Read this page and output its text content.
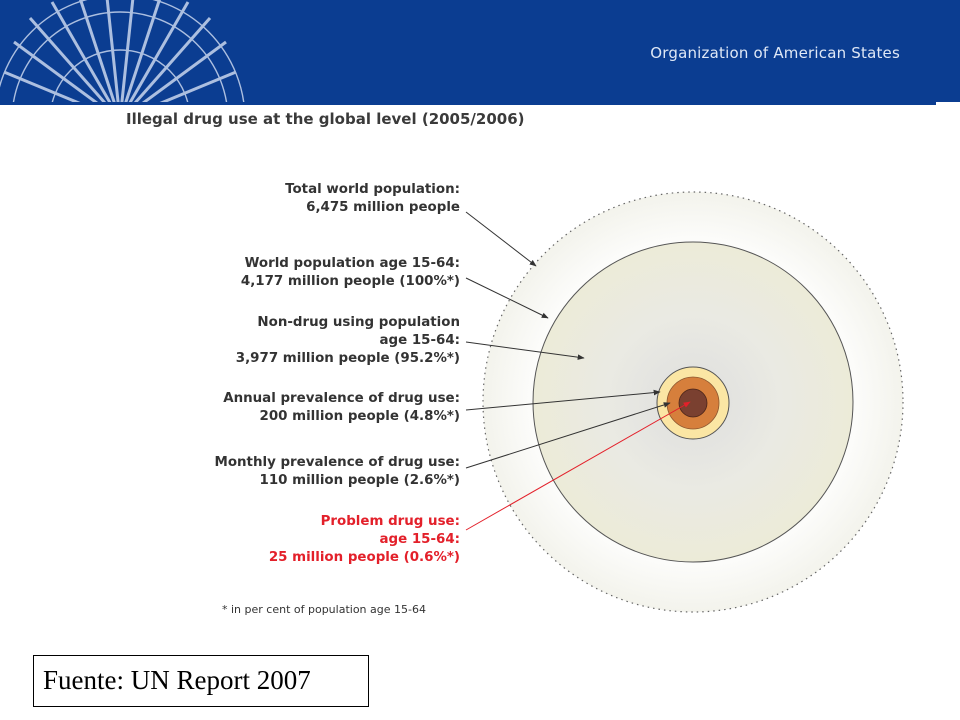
Organization of American States
Illegal drug use at the global level (2005/2006)
Total world population:
6,475 million people
World population age 15-64:
4,177 million people (100%*)
Non-drug using population
age 15-64:
3,977 million people (95.2%*)
Annual prevalence of drug use:
200 million people (4.8%*)
Monthly prevalence of drug use:
110 million people (2.6%*)
Problem drug use:
age 15-64:
25 million people (0.6%*)
* in per cent of population age 15-64
Fuente: UN Report 2007
